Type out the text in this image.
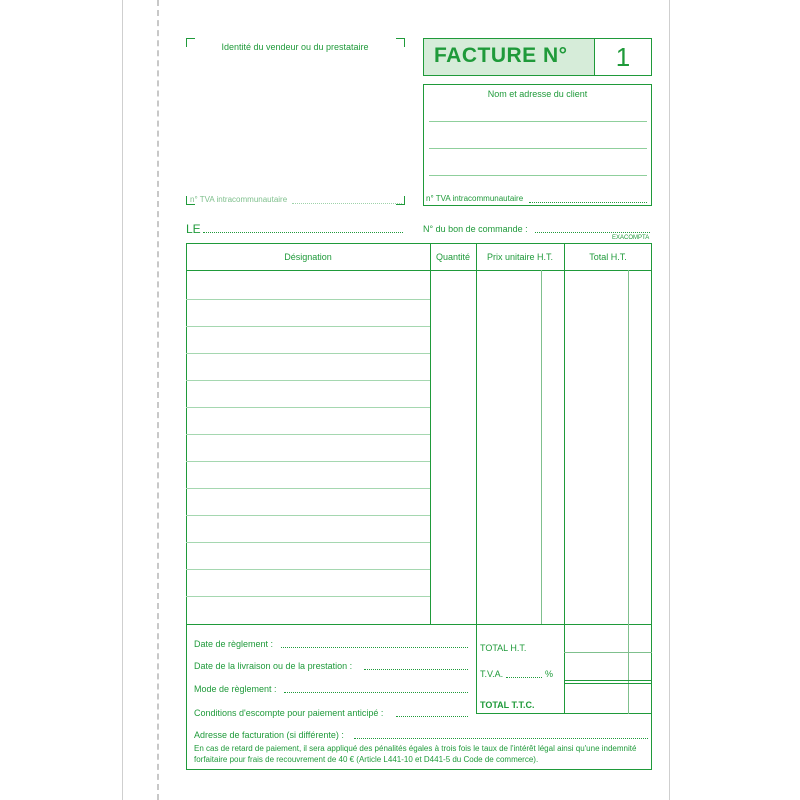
Identité du vendeur ou du prestataire
n° TVA intracommunautaire
FACTURE N°	1
Nom et adresse du client
n° TVA intracommunautaire
LE	N° du bon de commande :
EXACOMPTA
Désignation	Quantité	Prix unitaire H.T.	Total H.T.
Date de règlement :
Date de la livraison ou de la prestation :
Mode de règlement :
Conditions d'escompte pour paiement anticipé :
Adresse de facturation (si différente) :
En cas de retard de paiement, il sera appliqué des pénalités égales à trois fois le taux de l'intérêt légal ainsi qu'une indemnité forfaitaire pour frais de recouvrement de 40 € (Article L441-10 et D441-5 du Code de commerce).
TOTAL H.T.
T.V.A.	%
TOTAL T.T.C.
